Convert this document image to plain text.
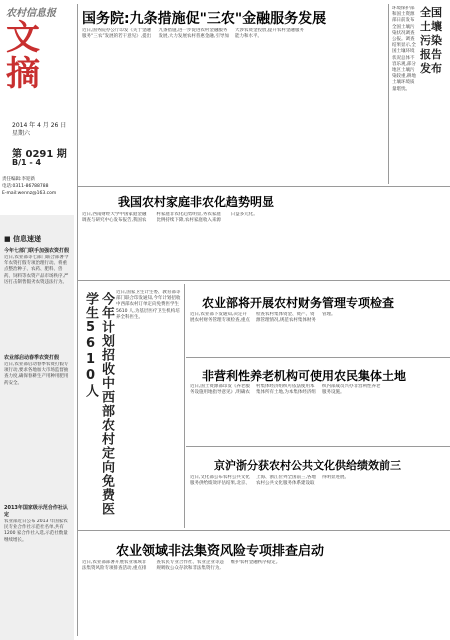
农村信息报
文摘
2014 年 4 月 26 日
星期六
第 0291 期
B/1 - 4
责任编辑:李迎新
电话:0311-86788788
E-mail:wennz@163.com
■ 信息速递
今年七部门联手加强农资打假
近日,农业部等七部门联合部署今年农资打假专项治理行动。将重点整治种子、农药、肥料、兽药、饲料等农资产品市场秩序,严厉打击制售假劣农资违法行为。
农业部启动春季农资打假
近日,农业部启动春季农资打假专项行动,要求各地加大市场监督抽查力度,确保春耕生产用种用肥用药安全。
2013年国家级示范合作社认定
农业部近日公布 2013 年国家农民专业合作社示范社名单,共有 1200 家合作社入选,示范社数量继续增长。
国务院:九条措施促"三农"金融服务发展
近日,国务院办公厅印发《关于金融服务“三农”发展的若干意见》,提出九条措施,进一步促进农村金融服务发展,大力发展农村普惠金融,引导加大涉农资金投放,提升农村金融服务能力和水平。
全国土壤污染报告发布
环境保护部和国土资源部日前发布全国土壤污染状况调查公报。调查结果显示,全国土壤环境状况总体不容乐观,部分地区土壤污染较重,耕地土壤环境质量堪忧。
我国农村家庭非农化趋势明显
近日,西南财经大学中国家庭金融调查与研究中心发布报告,我国农村家庭非农化趋势明显,务农家庭比例持续下降,农村家庭收入来源日益多元化。
今年计划招收中西部农村定向免费医学生5610人	近日,国家卫生计生委、教育部等部门联合印发通知,今年计划招收中西部农村订单定向免费医学生 5610 人,为基层医疗卫生机构培养全科医生。
农业部将开展农村财务管理专项检查
近日,农业部下发通知,决定开展农村财务管理专项检查,重点检查农村集体资金、资产、资源管理情况,规范农村集体财务管理。
非营利性养老机构可使用农民集体土地
近日,国土资源部印发《养老服务设施用地指导意见》,明确农村集体经济组织可依法使用本集体所有土地,为本集体经济组织内部成员兴办非营利性养老服务设施。
京沪浙分获农村公共文化供给绩效前三
近日,文化部公布农村公共文化服务供给绩效评估结果,北京、上海、浙江位列全国前三,各地农村公共文化服务体系建设取得明显进展。
农业领域非法集资风险专项排查启动
近日,农业部部署开展农业领域非法集资风险专项排查活动,重点排查农民专业合作社、农业企业等违规吸收公众存款和非法集资行为,维护农村金融秩序稳定。
